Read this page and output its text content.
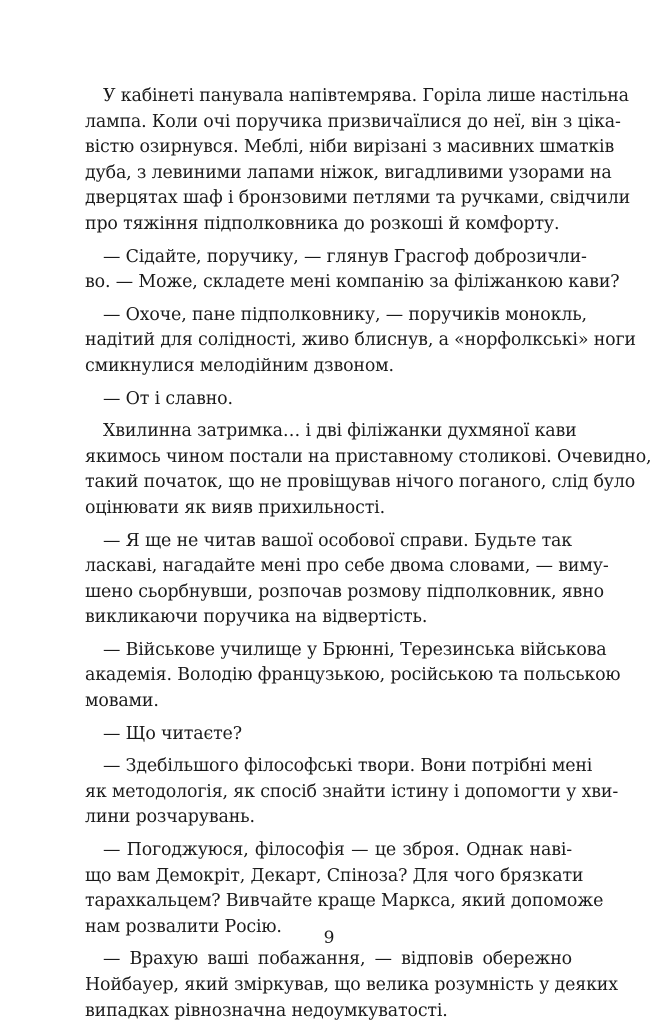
У кабінеті панувала напівтемрява. Горіла лише настільна
лампа. Коли очі поручика призвичаїлися до неї, він з ціка-
вістю озирнувся. Меблі, ніби вирізані з масивних шматків
дуба, з левиними лапами ніжок, вигадливими узорами на
дверцятах шаф і бронзовими петлями та ручками, свідчили
про тяжіння підполковника до розкоші й комфорту.
— Сідайте, поручику, — глянув Грасгоф доброзичли-
во. — Може, складете мені компанію за філіжанкою кави?
— Охоче, пане підполковнику, — поручиків монокль,
надітий для солідності, живо блиснув, а «норфолкські» ноги
смикнулися мелодійним дзвоном.
— От і славно.
Хвилинна затримка… і дві філіжанки духмяної кави
якимось чином постали на приставному столикові. Очевидно,
такий початок, що не провіщував нічого поганого, слід було
оцінювати як вияв прихильності.
— Я ще не читав вашої особової справи. Будьте так
ласкаві, нагадайте мені про себе двома словами, — виму-
шено сьорбнувши, розпочав розмову підполковник, явно
викликаючи поручика на відвертість.
— Військове училище у Брюнні, Терезинська військова
академія. Володію французькою, російською та польською
мовами.
— Що читаєте?
— Здебільшого філософські твори. Вони потрібні мені
як методологія, як спосіб знайти істину і допомогти у хви-
лини розчарувань.
— Погоджуюся, філософія — це зброя. Однак наві-
що вам Демокріт, Декарт, Спіноза? Для чого брязкати
тарахкальцем? Вивчайте краще Маркса, який допоможе
нам розвалити Росію.
— Врахую ваші побажання, — відповів обережно
Нойбауер, який зміркував, що велика розумність у деяких
випадках рівнозначна недоумкуватості.
9
